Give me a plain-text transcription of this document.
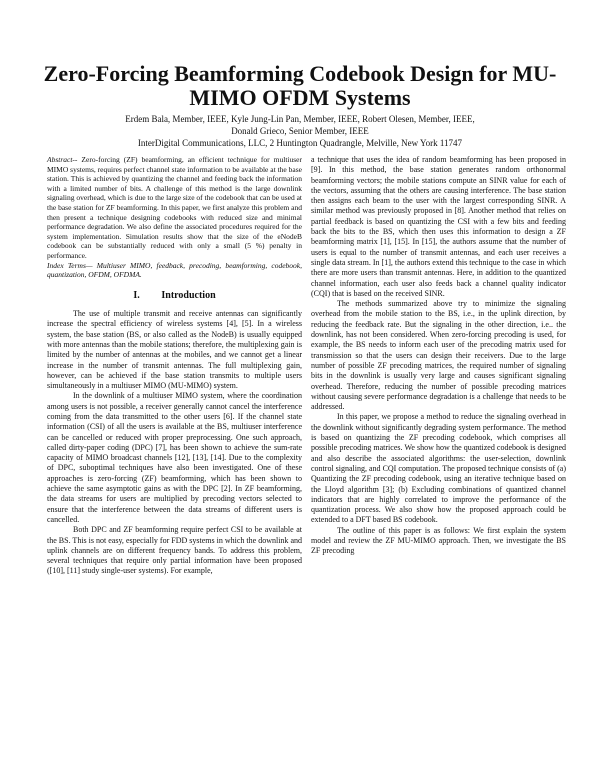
Zero-Forcing Beamforming Codebook Design for MU-MIMO OFDM Systems
Erdem Bala, Member, IEEE, Kyle Jung-Lin Pan, Member, IEEE, Robert Olesen, Member, IEEE,
Donald Grieco, Senior Member, IEEE
InterDigital Communications, LLC, 2 Huntington Quadrangle, Melville, New York 11747

Abstract-- Zero-forcing (ZF) beamforming, an efficient technique for multiuser MIMO systems, requires perfect channel state information to be available at the base station. This is achieved by quantizing the channel and feeding back the information with a limited number of bits. A challenge of this method is the large downlink signaling overhead, which is due to the large size of the codebook that can be used at the base station for ZF beamforming. In this paper, we first analyze this problem and then present a technique designing codebooks with reduced size and minimal performance degradation. We also define the associated procedures required for the system implementation. Simulation results show that the size of the eNodeB codebook can be substantially reduced with only a small (5 %) penalty in performance.

Index Terms— Multiuser MIMO, feedback, precoding, beamforming, codebook, quantization, OFDM, OFDMA.

I. Introduction

The use of multiple transmit and receive antennas can significantly increase the spectral efficiency of wireless systems [4], [5]. In a wireless system, the base station (BS, or also called as the NodeB) is usually equipped with more antennas than the mobile stations; therefore, the multiplexing gain is limited by the number of antennas at the mobiles, and we cannot get a linear increase in the number of transmit antennas. The full multiplexing gain, however, can be achieved if the base station transmits to multiple users simultaneously in a multiuser MIMO (MU-MIMO) system.

In the downlink of a multiuser MIMO system, where the coordination among users is not possible, a receiver generally cannot cancel the interference coming from the data transmitted to the other users [6]. If the channel state information (CSI) of all the users is available at the BS, multiuser interference can be cancelled or reduced with proper preprocessing. One such approach, called dirty-paper coding (DPC) [7], has been shown to achieve the sum-rate capacity of MIMO broadcast channels [12], [13], [14]. Due to the complexity of DPC, suboptimal techniques have also been investigated. One of these approaches is zero-forcing (ZF) beamforming, which has been shown to achieve the same asymptotic gains as with the DPC [2]. In ZF beamforming, the data streams for users are multiplied by precoding vectors selected to ensure that the interference between the data streams of different users is cancelled.

Both DPC and ZF beamforming require perfect CSI to be available at the BS. This is not easy, especially for FDD systems in which the downlink and uplink channels are on different frequency bands. To address this problem, several techniques that require only partial information have been proposed ([10], [11] study single-user systems). For example,

a technique that uses the idea of random beamforming has been proposed in [9]. In this method, the base station generates random orthonormal beamforming vectors; the mobile stations compute an SINR value for each of the vectors, assuming that the others are causing interference. The base station then assigns each beam to the user with the largest corresponding SINR. A similar method was previously proposed in [8]. Another method that relies on partial feedback is based on quantizing the CSI with a few bits and feeding back the bits to the BS, which then uses this information to design a ZF beamforming matrix [1], [15]. In [15], the authors assume that the number of users is equal to the number of transmit antennas, and each user receives a single data stream. In [1], the authors extend this technique to the case in which there are more users than transmit antennas. Here, in addition to the quantized channel information, each user also feeds back a channel quality indicator (CQI) that is based on the received SINR.

The methods summarized above try to minimize the signaling overhead from the mobile station to the BS, i.e., in the uplink direction, by reducing the feedback rate. But the signaling in the other direction, i.e.. the downlink, has not been considered. When zero-forcing precoding is used, for example, the BS needs to inform each user of the precoding matrix used for transmission so that the users can design their receivers. Due to the large number of possible ZF precoding matrices, the required number of signaling bits in the downlink is usually very large and causes significant signaling overhead. Therefore, reducing the number of possible precoding matrices without causing severe performance degradation is a challenge that needs to be addressed.

In this paper, we propose a method to reduce the signaling overhead in the downlink without significantly degrading system performance. The method is based on quantizing the ZF precoding codebook, which comprises all possible precoding matrices. We show how the quantized codebook is designed and also describe the associated algorithms: the user-selection, downlink control signaling, and CQI computation. The proposed technique consists of (a) Quantizing the ZF precoding codebook, using an iterative technique based on the Lloyd algorithm [3]; (b) Excluding combinations of quantized channel indicators that are highly correlated to improve the performance of the quantization process. We also show how the proposed approach could be extended to a DFT based BS codebook.

The outline of this paper is as follows: We first explain the system model and review the ZF MU-MIMO approach. Then, we investigate the BS ZF precoding
